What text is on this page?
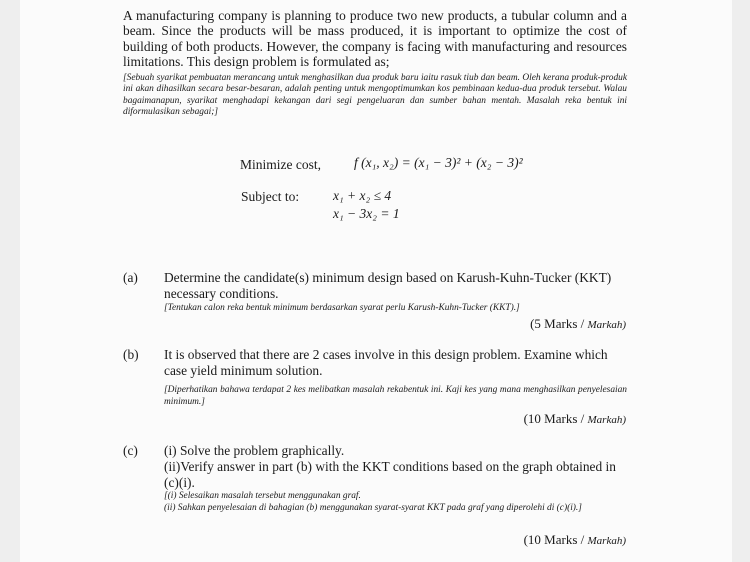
A manufacturing company is planning to produce two new products, a tubular column and a beam. Since the products will be mass produced, it is important to optimize the cost of building of both products. However, the company is facing with manufacturing and resources limitations. This design problem is formulated as;
[Sebuah syarikat pembuatan merancang untuk menghasilkan dua produk baru iaitu rasuk tiub dan beam. Oleh kerana produk-produk ini akan dihasilkan secara besar-besaran, adalah penting untuk mengoptimumkan kos pembinaan kedua-dua produk tersebut. Walau bagaimanapun, syarikat menghadapi kekangan dari segi pengeluaran dan sumber bahan mentah. Masalah reka bentuk ini diformulasikan sebagai;]
Minimize cost, f (x₁, x₂) = (x₁ − 3)² + (x₂ − 3)²
Subject to:	x₁ + x₂ ≤ 4
x₁ − 3x₂ = 1
(a) Determine the candidate(s) minimum design based on Karush-Kuhn-Tucker (KKT) necessary conditions.
[Tentukan calon reka bentuk minimum berdasarkan syarat perlu Karush-Kuhn-Tucker (KKT).]
(5 Marks / Markah)
(b) It is observed that there are 2 cases involve in this design problem. Examine which case yield minimum solution.
[Diperhatikan bahawa terdapat 2 kes melibatkan masalah rekabentuk ini. Kaji kes yang mana menghasilkan penyelesaian minimum.]
(10 Marks / Markah)
(c) (i) Solve the problem graphically.
(ii)Verify answer in part (b) with the KKT conditions based on the graph obtained in (c)(i).
[(i) Selesaikan masalah tersebut menggunakan graf.
(ii) Sahkan penyelesaian di bahagian (b) menggunakan syarat-syarat KKT pada graf yang diperolehi di (c)(i).]
(10 Marks / Markah)
